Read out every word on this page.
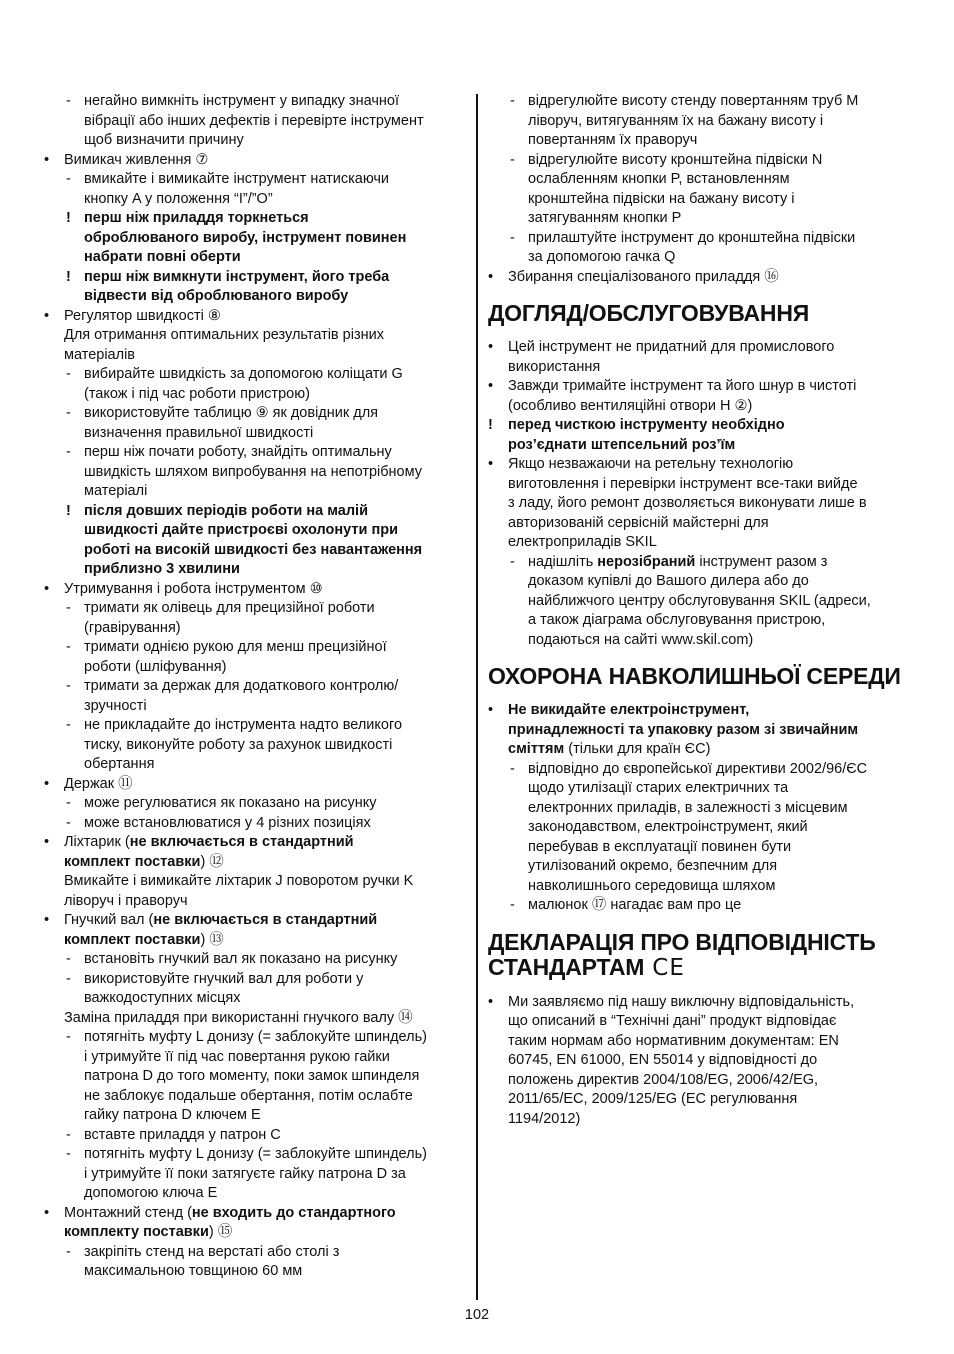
- негайно вимкніть інструмент у випадку значної
вібрації або інших дефектів і перевірте інструмент
щоб визначити причину
• Вимикач живлення ⑦
- вмикайте і вимикайте інструмент натискаючи
кнопку A у положення “I”/”O”
! перш ніж приладдя торкнеться
оброблюваного виробу, інструмент повинен
набрати повні оберти
! перш ніж вимкнути інструмент, його треба
відвести від оброблюваного виробу
• Регулятор швидкості ⑧
Для отримання оптимальних результатів різних
матеріалів
- вибирайте швидкість за допомогою коліщати G
(також і під час роботи пристрою)
- використовуйте таблицю ⑨ як довідник для
визначення правильної швидкості
- перш ніж почати роботу, знайдіть оптимальну
швидкість шляхом випробування на непотрібному
матеріалі
! після довших періодів роботи на малій
швидкості дайте пристроєві охолонути при
роботі на високій швидкості без навантаження
приблизно 3 хвилини
• Утримування і робота інструментом ⑩
- тримати як олівець для прецизійної роботи
(гравірування)
- тримати однією рукою для менш прецизійної
роботи (шліфування)
- тримати за держак для додаткового контролю/
зручності
- не прикладайте до інструмента надто великого
тиску, виконуйте роботу за рахунок швидкості
обертання
• Держак ⑪
- може регулюватися як показано на рисунку
- може встановлюватися у 4 різних позиціях
• Ліхтарик (не включається в стандартний
комплект поставки) ⑫
Вмикайте і вимикайте ліхтарик J поворотом ручки K
ліворуч і праворуч
• Гнучкий вал (не включається в стандартний
комплект поставки) ⑬
- встановіть гнучкий вал як показано на рисунку
- використовуйте гнучкий вал для роботи у
важкодоступних місцях
Заміна приладдя при використанні гнучкого валу ⑭
- потягніть муфту L донизу (= заблокуйте шпиндель)
і утримуйте її під час повертання рукою гайки
патрона D до того моменту, поки замок шпинделя
не заблокує подальше обертання, потім ослабте
гайку патрона D ключем E
- вставте приладдя у патрон C
- потягніть муфту L донизу (= заблокуйте шпиндель)
і утримуйте її поки затягуєте гайку патрона D за
допомогою ключа E
• Монтажний стенд (не входить до стандартного
комплекту поставки) ⑮
- закріпіть стенд на верстаті або столі з
максимальною товщиною 60 мм
- відрегулюйте висоту стенду повертанням труб M
ліворуч, витягуванням їх на бажану висоту і
повертанням їх праворуч
- відрегулюйте висоту кронштейна підвіски N
ослабленням кнопки P, встановленням
кронштейна підвіски на бажану висоту і
затягуванням кнопки P
- прилаштуйте інструмент до кронштейна підвіски
за допомогою гачка Q
• Збирання спеціалізованого приладдя ⑯
ДОГЛЯД/ОБСЛУГОВУВАННЯ
• Цей інструмент не придатний для промислового
використання
• Завжди тримайте інструмент та його шнур в чистоті
(особливо вентиляційні отвори H ②)
! перед чисткою інструменту необхідно
роз’єднати штепсельний роз’їм
• Якщо незважаючи на ретельну технологію
виготовлення і перевірки інструмент все-таки вийде
з ладу, його ремонт дозволяється виконувати лише в
авторизованій сервісній майстерні для
електроприладів SKIL
- надішліть нерозібраний інструмент разом з
доказом купівлі до Вашого дилера або до
найближчого центру обслуговування SKIL (адреси,
а також діаграма обслуговування пристрою,
подаються на сайті www.skil.com)
ОХОРОНА НАВКОЛИШНЬОЇ СЕРЕДИ
• Не викидайте електроінструмент,
принадлежності та упаковку разом зі звичайним
сміттям (тільки для країн ЄС)
- відповідно до європейської директиви 2002/96/ЄС
щодо утилізації старих електричних та
електронних приладів, в залежності з місцевим
законодавством, електроінструмент, який
перебував в експлуатації повинен бути
утилізований окремо, безпечним для
навколишнього середовища шляхом
- малюнок ⑰ нагадає вам про це
ДЕКЛАРАЦІЯ ПРО ВІДПОВІДНІСТЬ
СТАНДАРТАМ CE
• Ми заявляємо під нашу виключну відповідальність,
що описаний в “Технічні дані” продукт відповідає
таким нормам або нормативним документам: EN
60745, EN 61000, EN 55014 у відповідності до
положень директив 2004/108/EG, 2006/42/EG,
2011/65/EC, 2009/125/EG (EC регулювання
1194/2012)
102
